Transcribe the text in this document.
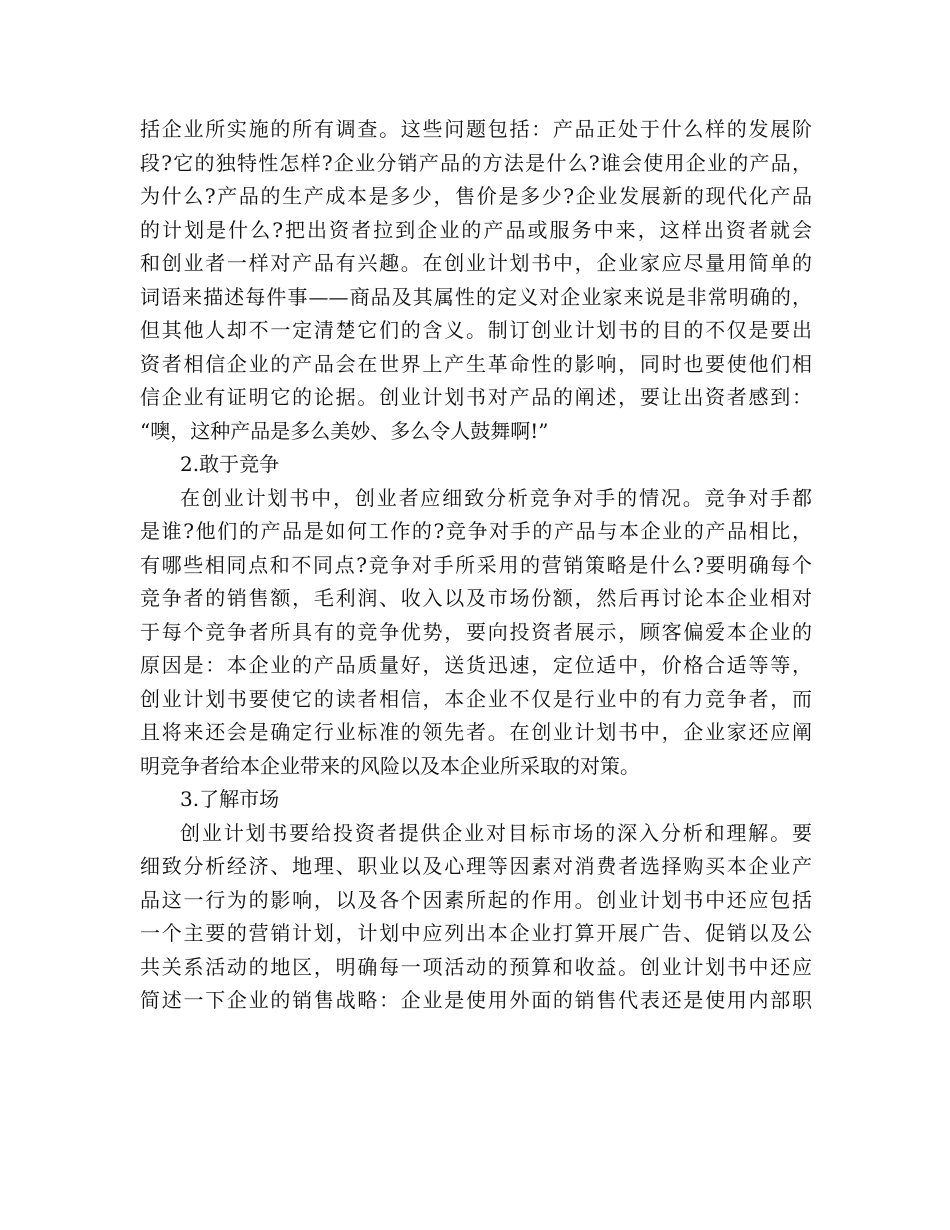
括企业所实施的所有调查。这些问题包括：产品正处于什么样的发展阶
段?它的独特性怎样?企业分销产品的方法是什么?谁会使用企业的产品，
为什么?产品的生产成本是多少，售价是多少?企业发展新的现代化产品
的计划是什么?把出资者拉到企业的产品或服务中来，这样出资者就会
和创业者一样对产品有兴趣。在创业计划书中，企业家应尽量用简单的
词语来描述每件事——商品及其属性的定义对企业家来说是非常明确的，
但其他人却不一定清楚它们的含义。制订创业计划书的目的不仅是要出
资者相信企业的产品会在世界上产生革命性的影响，同时也要使他们相
信企业有证明它的论据。创业计划书对产品的阐述，要让出资者感到：
“噢，这种产品是多么美妙、多么令人鼓舞啊!”
2.敢于竞争
在创业计划书中，创业者应细致分析竞争对手的情况。竞争对手都
是谁?他们的产品是如何工作的?竞争对手的产品与本企业的产品相比，
有哪些相同点和不同点?竞争对手所采用的营销策略是什么?要明确每个
竞争者的销售额，毛利润、收入以及市场份额，然后再讨论本企业相对
于每个竞争者所具有的竞争优势，要向投资者展示，顾客偏爱本企业的
原因是：本企业的产品质量好，送货迅速，定位适中，价格合适等等，
创业计划书要使它的读者相信，本企业不仅是行业中的有力竞争者，而
且将来还会是确定行业标准的领先者。在创业计划书中，企业家还应阐
明竞争者给本企业带来的风险以及本企业所采取的对策。
3.了解市场
创业计划书要给投资者提供企业对目标市场的深入分析和理解。要
细致分析经济、地理、职业以及心理等因素对消费者选择购买本企业产
品这一行为的影响，以及各个因素所起的作用。创业计划书中还应包括
一个主要的营销计划，计划中应列出本企业打算开展广告、促销以及公
共关系活动的地区，明确每一项活动的预算和收益。创业计划书中还应
简述一下企业的销售战略：企业是使用外面的销售代表还是使用内部职
